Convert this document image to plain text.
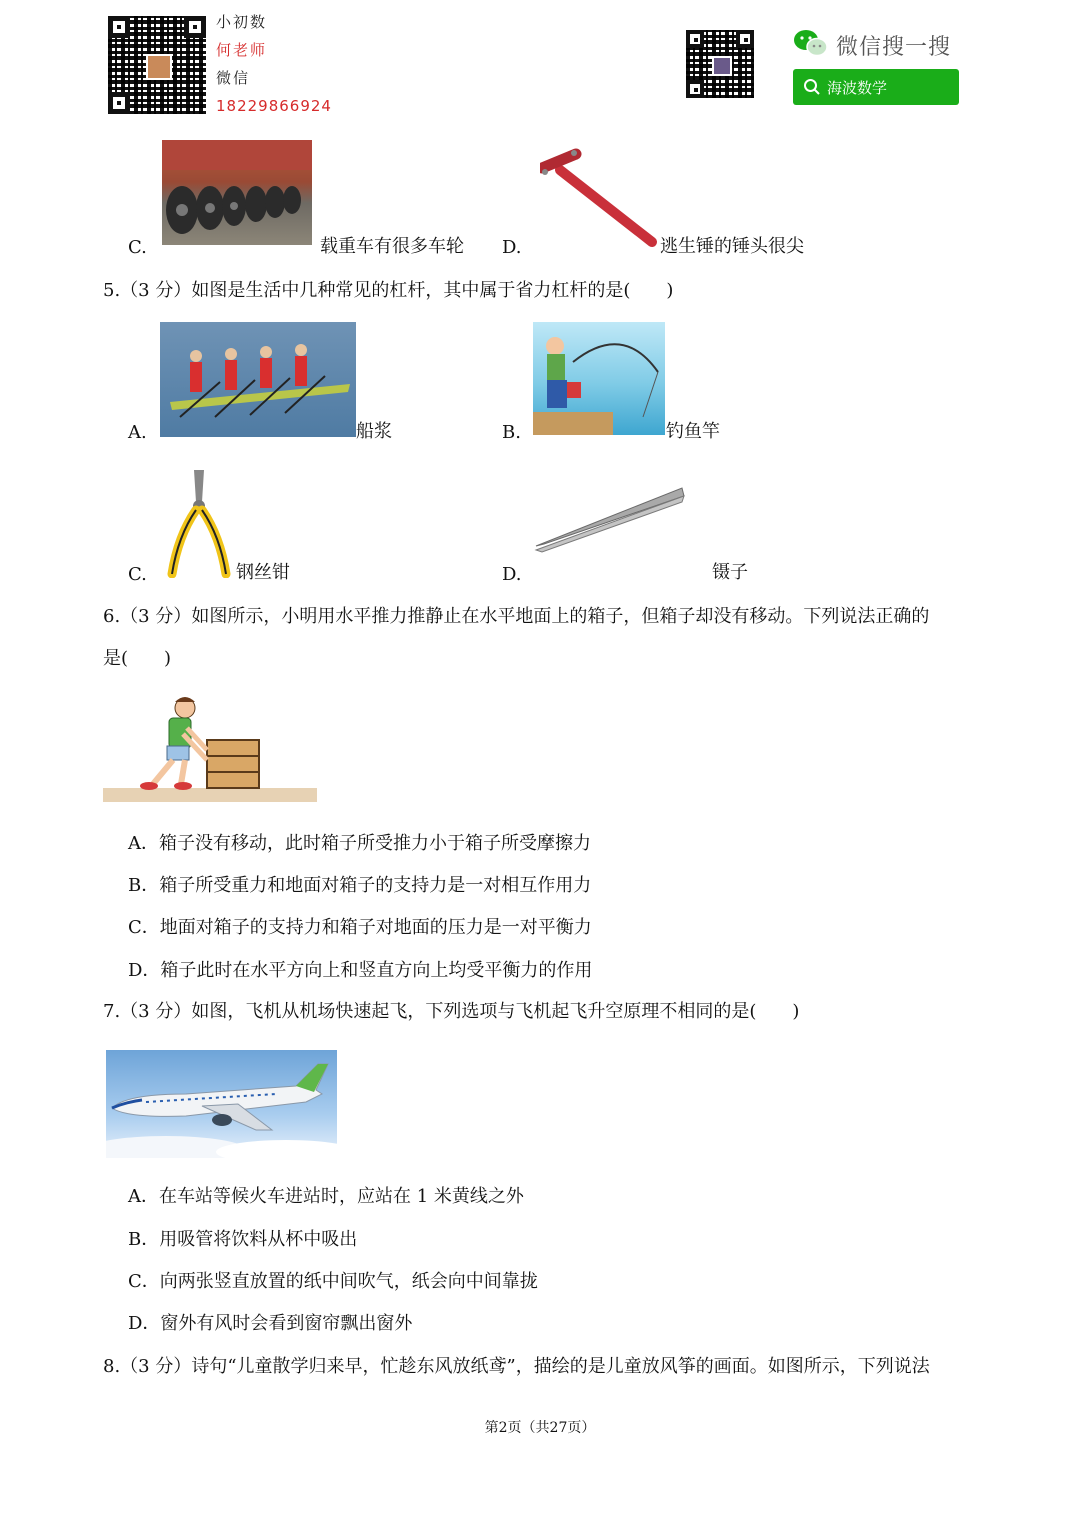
小初数
何老师
微信
18229866924
微信搜一搜
海波数学
C.	载重车有很多车轮 D.	逃生锤的锤头很尖
5.（3 分）如图是生活中几种常见的杠杆，其中属于省力杠杆的是(　　)
A.	船浆	B.	钓鱼竿
C.	钢丝钳	D.	镊子
6.（3 分）如图所示，小明用水平推力推静止在水平地面上的箱子，但箱子却没有移动。下列说法正确的
是(　　)
A．箱子没有移动，此时箱子所受推力小于箱子所受摩擦力
B．箱子所受重力和地面对箱子的支持力是一对相互作用力
C．地面对箱子的支持力和箱子对地面的压力是一对平衡力
D．箱子此时在水平方向上和竖直方向上均受平衡力的作用
7.（3 分）如图，飞机从机场快速起飞，下列选项与飞机起飞升空原理不相同的是(　　)
A．在车站等候火车进站时，应站在 1 米黄线之外
B．用吸管将饮料从杯中吸出
C．向两张竖直放置的纸中间吹气，纸会向中间靠拢
D．窗外有风时会看到窗帘飘出窗外
8.（3 分）诗句“儿童散学归来早，忙趁东风放纸鸢”，描绘的是儿童放风筝的画面。如图所示，下列说法
第2页（共27页）
